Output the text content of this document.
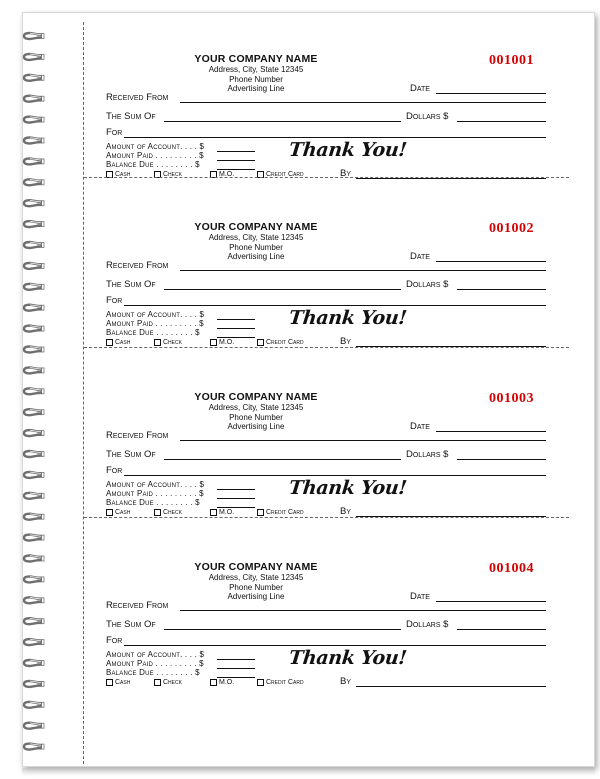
YOUR COMPANY NAME
Address, City, State 12345
Phone Number
Advertising Line
001001
Date
Received From
The Sum Of	Dollars $
For
Amount of Account. . . . $
Amount Paid . . . . . . . . . $
Balance Due . . . . . . . . $
Thank You!
Cash	Check	M.O.	Credit Card	By
YOUR COMPANY NAME
Address, City, State 12345
Phone Number
Advertising Line
001002
Date
Received From
The Sum Of	Dollars $
For
Amount of Account. . . . $
Amount Paid . . . . . . . . . $
Balance Due . . . . . . . . $
Thank You!
Cash	Check	M.O.	Credit Card	By
YOUR COMPANY NAME
Address, City, State 12345
Phone Number
Advertising Line
001003
Date
Received From
The Sum Of	Dollars $
For
Amount of Account. . . . $
Amount Paid . . . . . . . . . $
Balance Due . . . . . . . . $
Thank You!
Cash	Check	M.O.	Credit Card	By
YOUR COMPANY NAME
Address, City, State 12345
Phone Number
Advertising Line
001004
Date
Received From
The Sum Of	Dollars $
For
Amount of Account. . . . $
Amount Paid . . . . . . . . . $
Balance Due . . . . . . . . $
Thank You!
Cash	Check	M.O.	Credit Card	By
